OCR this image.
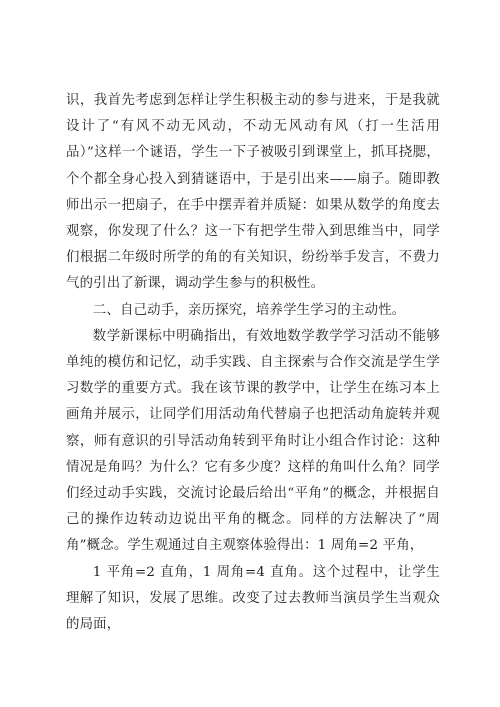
识，我首先考虑到怎样让学生积极主动的参与进来，于是我就设计了“有风不动无风动，不动无风动有风（打一生活用品）”这样一个谜语，学生一下子被吸引到课堂上，抓耳挠腮，个个都全身心投入到猜谜语中，于是引出来——扇子。随即教师出示一把扇子，在手中摆弄着并质疑：如果从数学的角度去观察，你发现了什么？这一下有把学生带入到思维当中，同学们根据二年级时所学的角的有关知识，纷纷举手发言，不费力气的引出了新课，调动学生参与的积极性。

二、自己动手，亲历探究，培养学生学习的主动性。

数学新课标中明确指出，有效地数学教学学习活动不能够单纯的模仿和记忆，动手实践、自主探索与合作交流是学生学习数学的重要方式。我在该节课的教学中，让学生在练习本上画角并展示，让同学们用活动角代替扇子也把活动角旋转并观察，师有意识的引导活动角转到平角时让小组合作讨论：这种情况是角吗？为什么？它有多少度？这样的角叫什么角？同学们经过动手实践，交流讨论最后给出“平角”的概念，并根据自己的操作边转动边说出平角的概念。同样的方法解决了“周角”概念。学生观通过自主观察体验得出：1 周角=2 平角，

1 平角=2 直角，1 周角=4 直角。这个过程中，让学生理解了知识，发展了思维。改变了过去教师当演员学生当观众的局面，
